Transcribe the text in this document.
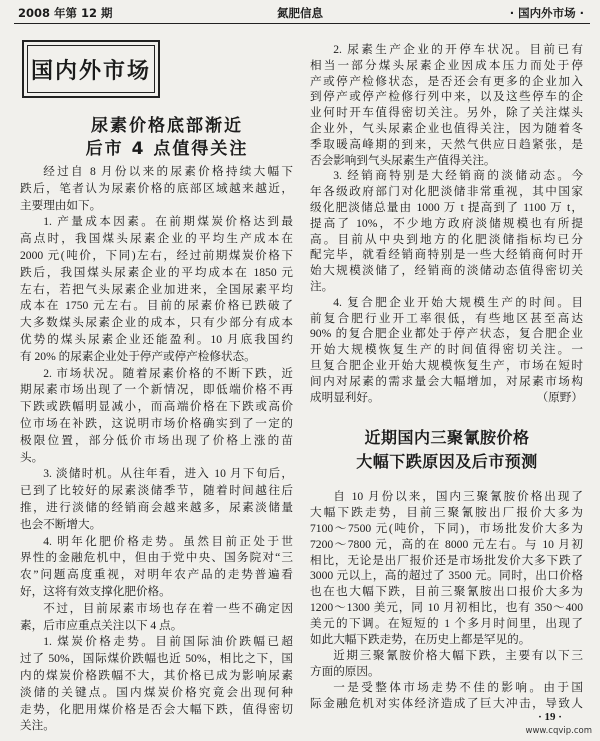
2008 年第 12 期	氮肥信息	· 国内外市场 ·
国内外市场
尿素价格底部渐近
后市 4 点值得关注
经过自 8 月份以来的尿素价格持续大幅下
跌后，笔者认为尿素价格的底部区域越来越近，
主要理由如下。
1. 产量成本因素。在前期煤炭价格达到最
高点时，我国煤头尿素企业的平均生产成本在
2000 元(吨价，下同)左右，经过前期煤炭价格下
跌后，我国煤头尿素企业的平均成本在 1850 元
左右，若把气头尿素企业加进来，全国尿素平均
成本在 1750 元左右。目前的尿素价格已跌破了
大多数煤头尿素企业的成本，只有少部分有成本
优势的煤头尿素企业还能盈利。10 月底我国约
有 20% 的尿素企业处于停产或停产检修状态。
2. 市场状况。随着尿素价格的不断下跌，近
期尿素市场出现了一个新情况，即低端价格不再
下跌或跌幅明显减小，而高端价格在下跌或高价
位市场在补跌，这说明市场价格确实到了一定的
极限位置，部分低价市场出现了价格上涨的苗
头。
3. 淡储时机。从往年看，进入 10 月下旬后，
已到了比较好的尿素淡储季节，随着时间越往后
推，进行淡储的经销商会越来越多，尿素淡储量
也会不断增大。
4. 明年化肥价格走势。虽然目前正处于世
界性的金融危机中，但由于党中央、国务院对“三
农”问题高度重视，对明年农产品的走势普遍看
好，这将有效支撑化肥价格。
不过，目前尿素市场也存在着一些不确定因
素，后市应重点关注以下 4 点。
1. 煤炭价格走势。目前国际油价跌幅已超
过了 50%，国际煤价跌幅也近 50%，相比之下，国
内的煤炭价格跌幅不大，其价格已成为影响尿素
淡储的关键点。国内煤炭价格究竟会出现何种
走势，化肥用煤价格是否会大幅下跌，值得密切
关注。
2. 尿素生产企业的开停车状况。目前已有
相当一部分煤头尿素企业因成本压力而处于停
产或停产检修状态，是否还会有更多的企业加入
到停产或停产检修行列中来，以及这些停车的企
业何时开车值得密切关注。另外，除了关注煤头
企业外，气头尿素企业也值得关注，因为随着冬
季取暖高峰期的到来，天然气供应日趋紧张，是
否会影响到气头尿素生产值得关注。
3. 经销商特别是大经销商的淡储动态。今
年各级政府部门对化肥淡储非常重视，其中国家
级化肥淡储总量由 1000 万 t 提高到了 1100 万 t，
提高了 10%，不少地方政府淡储规模也有所提
高。目前从中央到地方的化肥淡储指标均已分
配完毕，就看经销商特别是一些大经销商何时开
始大规模淡储了，经销商的淡储动态值得密切关
注。
4. 复合肥企业开始大规模生产的时间。目
前复合肥行业开工率很低，有些地区甚至高达
90% 的复合肥企业都处于停产状态，复合肥企业
开始大规模恢复生产的时间值得密切关注。一
旦复合肥企业开始大规模恢复生产，市场在短时
间内对尿素的需求量会大幅增加，对尿素市场构
成明显利好。	（原野）
近期国内三聚氰胺价格
大幅下跌原因及后市预测
自 10 月份以来，国内三聚氰胺价格出现了
大幅下跌走势，目前三聚氰胺出厂报价大多为
7100～7500 元(吨价，下同)，市场批发价大多为
7200～7800 元，高的在 8000 元左右。与 10 月初
相比，无论是出厂报价还是市场批发价大多下跌了
3000 元以上，高的超过了 3500 元。同时，出口价格
也在也大幅下跌，目前三聚氰胺出口报价大多为
1200～1300 美元，同 10 月初相比，也有 350～400
美元的下调。在短短的 1 个多月时间里，出现了
如此大幅下跌走势，在历史上都是罕见的。
近期三聚氰胺价格大幅下跌，主要有以下三
方面的原因。
一是受整体市场走势不佳的影响。由于国
际金融危机对实体经济造成了巨大冲击，导致人
· 19 ·
www.cqvip.com
